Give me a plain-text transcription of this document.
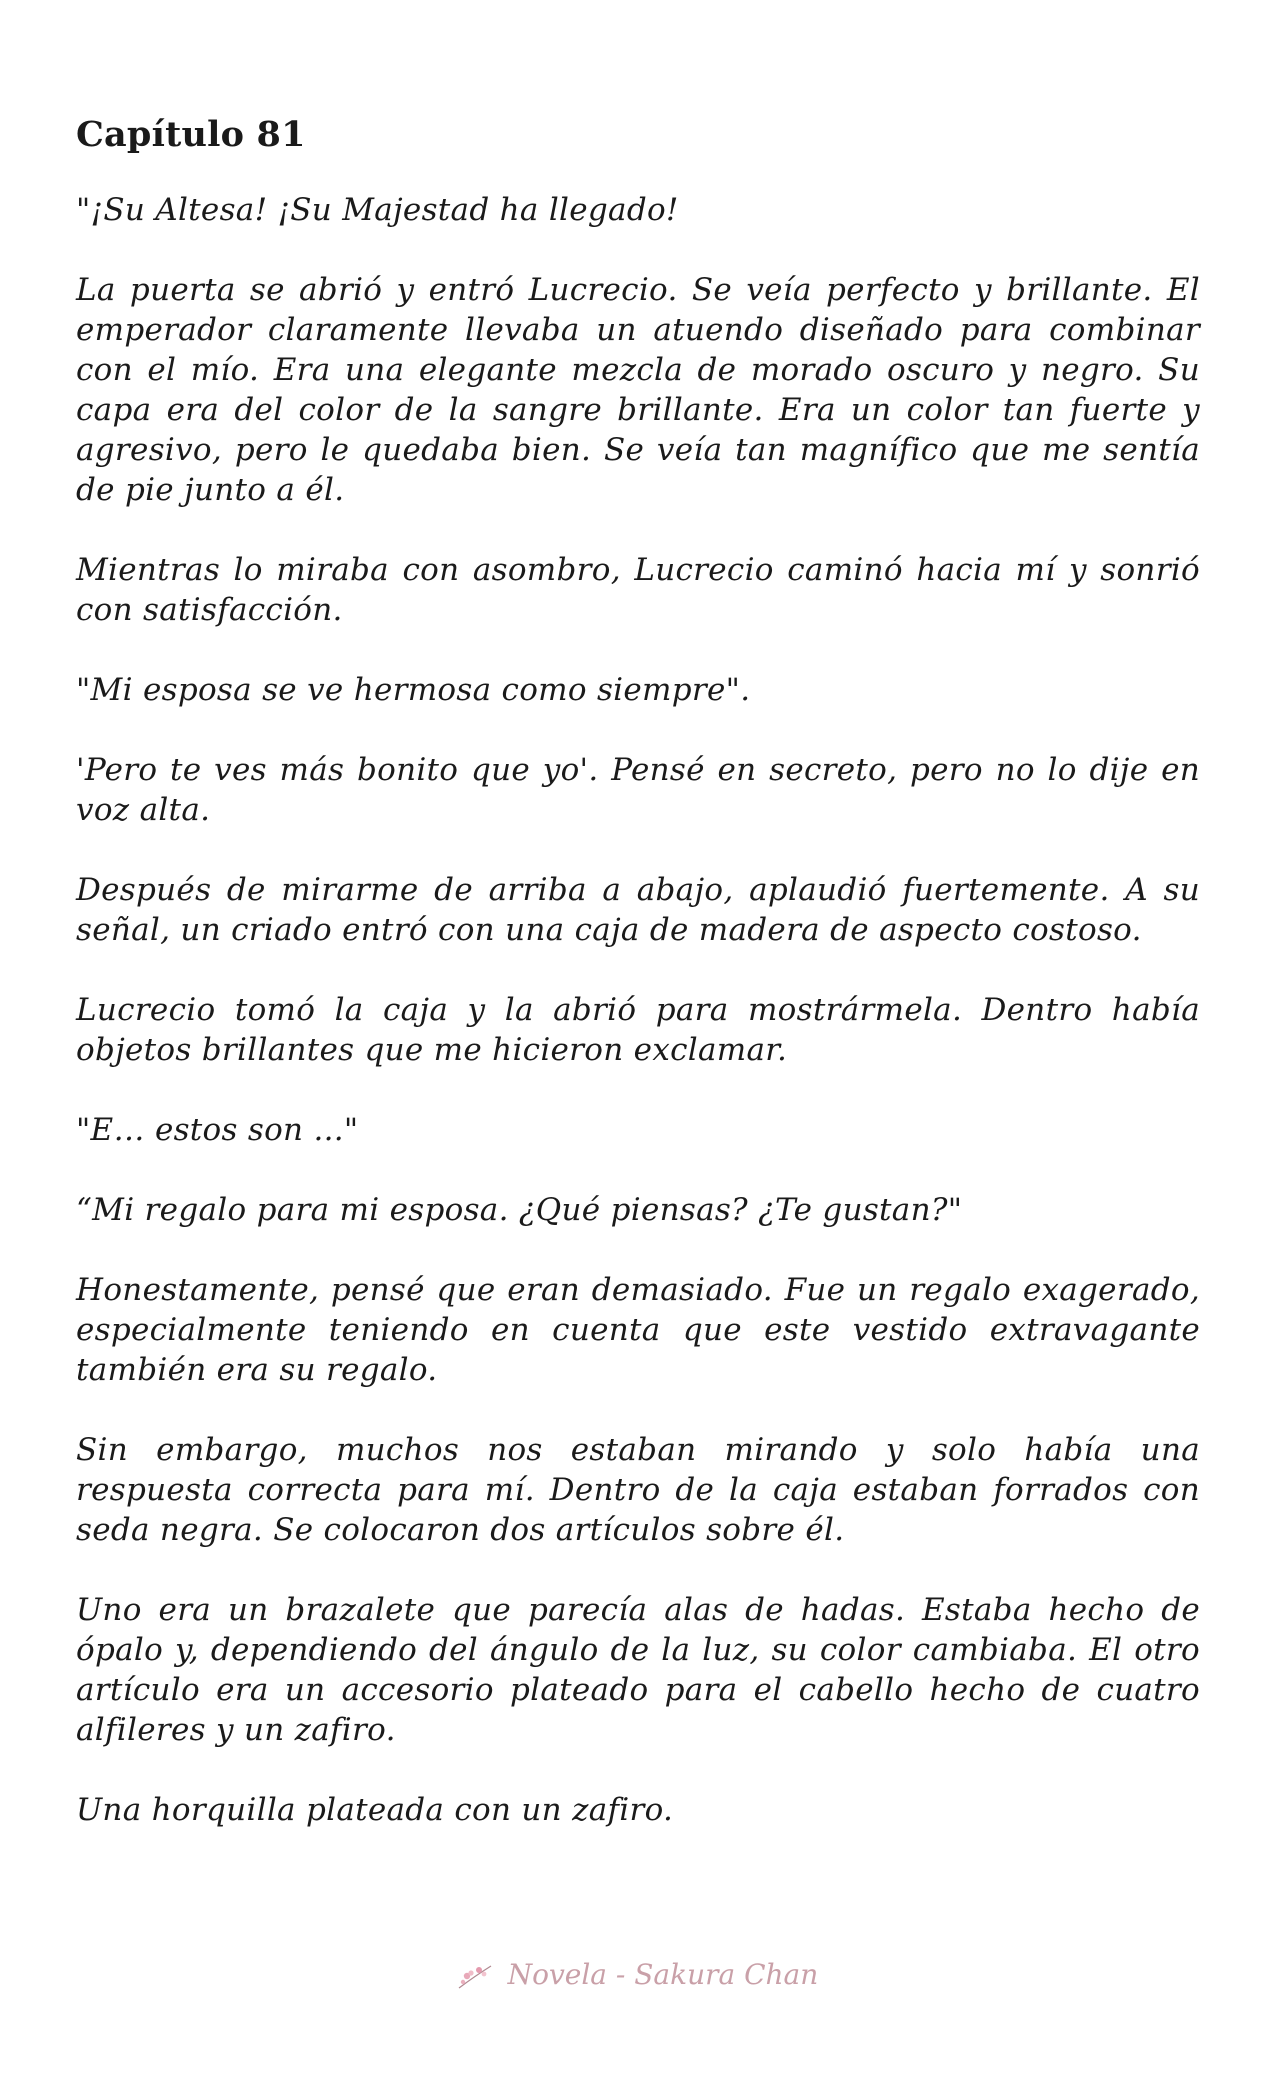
Capítulo 81

"¡Su Altesa! ¡Su Majestad ha llegado!

La puerta se abrió y entró Lucrecio. Se veía perfecto y brillante. El emperador claramente llevaba un atuendo diseñado para combinar con el mío. Era una elegante mezcla de morado oscuro y negro. Su capa era del color de la sangre brillante. Era un color tan fuerte y agresivo, pero le quedaba bien. Se veía tan magnífico que me sentía de pie junto a él.

Mientras lo miraba con asombro, Lucrecio caminó hacia mí y sonrió con satisfacción.

"Mi esposa se ve hermosa como siempre".

'Pero te ves más bonito que yo'. Pensé en secreto, pero no lo dije en voz alta.

Después de mirarme de arriba a abajo, aplaudió fuertemente. A su señal, un criado entró con una caja de madera de aspecto costoso.

Lucrecio tomó la caja y la abrió para mostrármela. Dentro había objetos brillantes que me hicieron exclamar.

"E… estos son ..."

“Mi regalo para mi esposa. ¿Qué piensas? ¿Te gustan?"

Honestamente, pensé que eran demasiado. Fue un regalo exagerado, especialmente teniendo en cuenta que este vestido extravagante también era su regalo.

Sin embargo, muchos nos estaban mirando y solo había una respuesta correcta para mí. Dentro de la caja estaban forrados con seda negra. Se colocaron dos artículos sobre él.

Uno era un brazalete que parecía alas de hadas. Estaba hecho de ópalo y, dependiendo del ángulo de la luz, su color cambiaba. El otro artículo era un accesorio plateado para el cabello hecho de cuatro alfileres y un zafiro.

Una horquilla plateada con un zafiro.

Novela - Sakura Chan
